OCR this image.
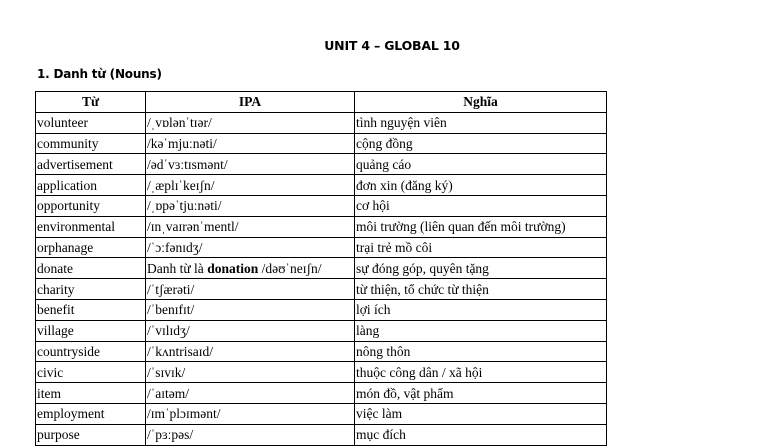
UNIT 4 – GLOBAL 10
1. Danh từ (Nouns)
Từ	IPA	Nghĩa
volunteer	/ˌvɒlənˈtɪər/	tình nguyện viên
community	/kəˈmjuːnəti/	cộng đồng
advertisement	/ədˈvɜːtɪsmənt/	quảng cáo
application	/ˌæplɪˈkeɪʃn/	đơn xin (đăng ký)
opportunity	/ˌɒpəˈtjuːnəti/	cơ hội
environmental	/ɪnˌvaɪrənˈmentl/	môi trường (liên quan đến môi trường)
orphanage	/ˈɔːfənɪdʒ/	trại trẻ mồ côi
donate	Danh từ là donation /dəʊˈneɪʃn/	sự đóng góp, quyên tặng
charity	/ˈtʃærəti/	từ thiện, tổ chức từ thiện
benefit	/ˈbenɪfɪt/	lợi ích
village	/ˈvɪlɪdʒ/	làng
countryside	/ˈkʌntrisaɪd/	nông thôn
civic	/ˈsɪvɪk/	thuộc công dân / xã hội
item	/ˈaɪtəm/	món đồ, vật phẩm
employment	/ɪmˈplɔɪmənt/	việc làm
purpose	/ˈpɜːpəs/	mục đích
